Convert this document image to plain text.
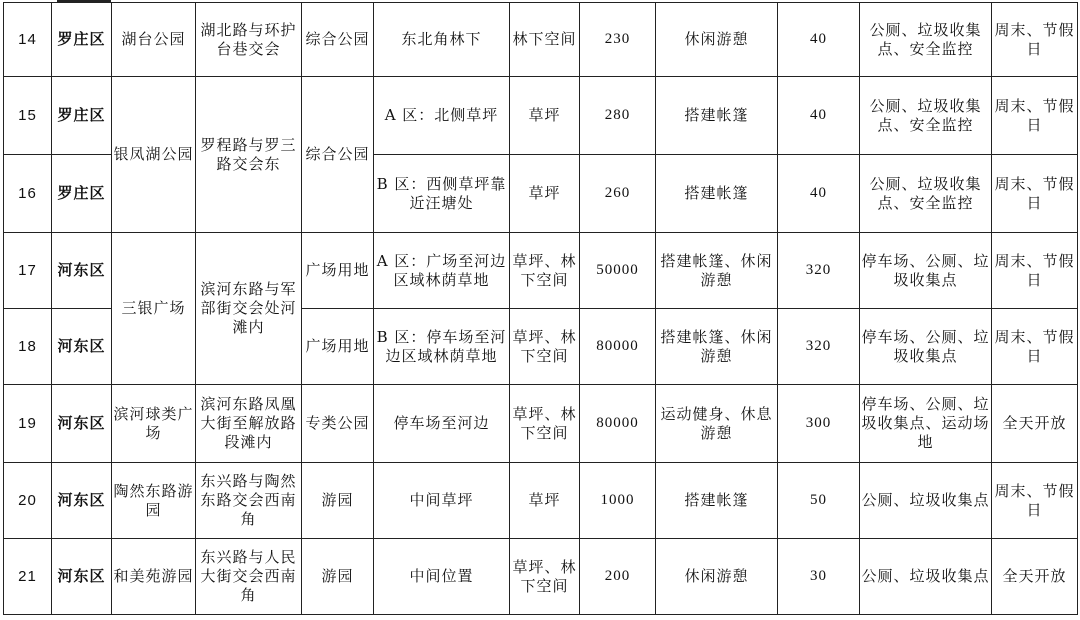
14	罗庄区	湖台公园	湖北路与环护台巷交会	综合公园	东北角林下	林下空间	230	休闲游憩	40	公厕、垃圾收集点、安全监控	周末、节假日
15	罗庄区	银凤湖公园	罗程路与罗三路交会东	综合公园	A 区：北侧草坪	草坪	280	搭建帐篷	40	公厕、垃圾收集点、安全监控	周末、节假日
16	罗庄区				B 区：西侧草坪靠近汪塘处	草坪	260	搭建帐篷	40	公厕、垃圾收集点、安全监控	周末、节假日
17	河东区	三银广场	滨河东路与军部街交会处河滩内	广场用地	A 区：广场至河边区域林荫草地	草坪、林下空间	50000	搭建帐篷、休闲游憩	320	停车场、公厕、垃圾收集点	周末、节假日
18	河东区			广场用地	B 区：停车场至河边区域林荫草地	草坪、林下空间	80000	搭建帐篷、休闲游憩	320	停车场、公厕、垃圾收集点	周末、节假日
19	河东区	滨河球类广场	滨河东路凤凰大街至解放路段滩内	专类公园	停车场至河边	草坪、林下空间	80000	运动健身、休息游憩	300	停车场、公厕、垃圾收集点、运动场地	全天开放
20	河东区	陶然东路游园	东兴路与陶然东路交会西南角	游园	中间草坪	草坪	1000	搭建帐篷	50	公厕、垃圾收集点	周末、节假日
21	河东区	和美苑游园	东兴路与人民大街交会西南角	游园	中间位置	草坪、林下空间	200	休闲游憩	30	公厕、垃圾收集点	全天开放
